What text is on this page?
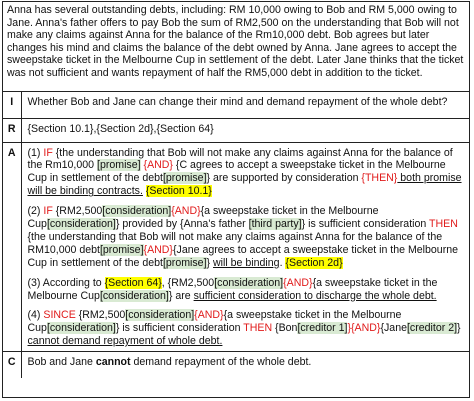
Anna has several outstanding debts, including: RM 10,000 owing to Bob and RM 5,000 owing to Jane. Anna's father offers to pay Bob the sum of RM2,500 on the understanding that Bob will not make any claims against Anna for the balance of the Rm10,000 debt. Bob agrees but later changes his mind and claims the balance of the debt owned by Anna. Jane agrees to accept the sweepstake ticket in the Melbourne Cup in settlement of the debt. Later Jane thinks that the ticket was not sufficient and wants repayment of half the RM5,000 debt in addition to the ticket.
I	Whether Bob and Jane can change their mind and demand repayment of the whole debt?
R	{Section 10.1},{Section 2d},{Section 64}
A	(1) IF {the understanding that Bob will not make any claims against Anna for the balance of the Rm10,000 [promise] {AND} {C agrees to accept a sweepstake ticket in the Melbourne Cup in settlement of the debt[promise]} are supported by consideration {THEN} both promise will be binding contracts. {Section 10.1}

(2) IF {RM2,500[consideration]{AND}{a sweepstake ticket in the Melbourne Cup[consideration]} provided by {Anna's father [third party]} is sufficient consideration THEN {the understanding that Bob will not make any claims against Anna for the balance of the RM10,000 debt[promise]{AND}{Jane agrees to accept a sweepstake ticket in the Melbourne Cup in settlement of the debt[promise]} will be binding. {Section 2d}

(3) According to {Section 64}, {RM2,500[consideration]{AND}{a sweepstake ticket in the Melbourne Cup[consideration]} are sufficient consideration to discharge the whole debt.

(4) SINCE {RM2,500[consideration]{AND}{a sweepstake ticket in the Melbourne Cup[consideration]} is sufficient consideration THEN {Bon[creditor 1]}{AND}{Jane[creditor 2]} cannot demand repayment of whole debt.

C	Bob and Jane cannot demand repayment of the whole debt.
